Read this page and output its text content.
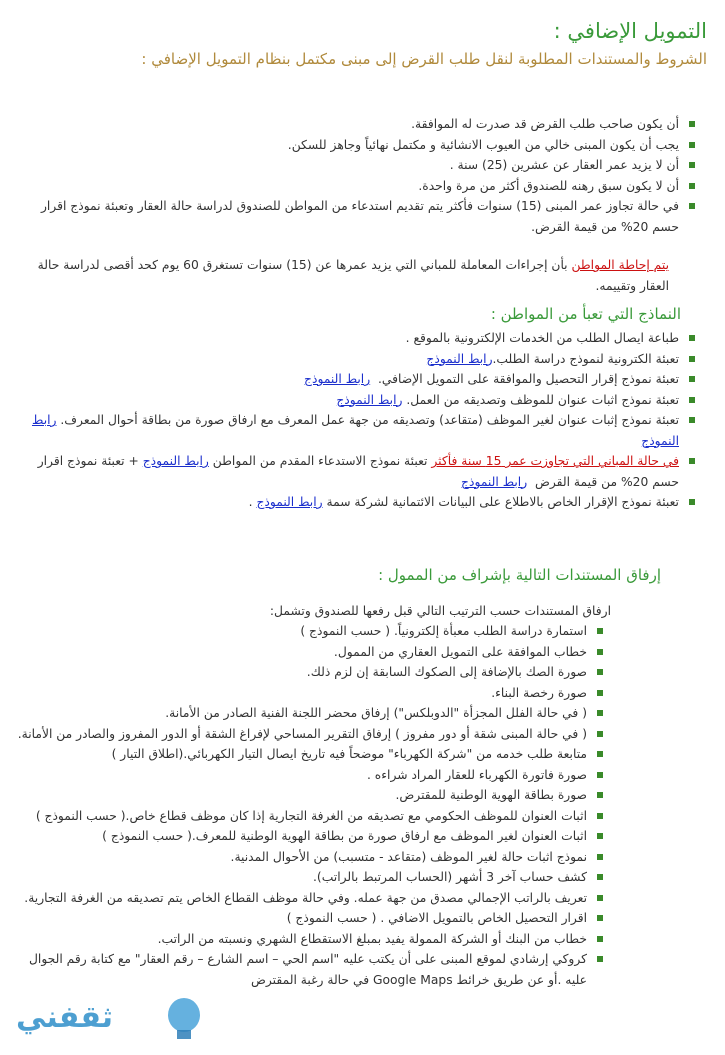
التمويل الإضافي :
الشروط والمستندات المطلوبة لنقل طلب القرض إلى مبنى مكتمل بنظام التمويل الإضافي :
أن يكون صاحب طلب القرض قد صدرت له الموافقة.
يجب أن يكون المبنى خالي من العيوب الانشائية و مكتمل نهائياً وجاهز للسكن.
أن لا يزيد عمر العقار عن عشرين (25) سنة .
أن لا يكون سبق رهنه للصندوق أكثر من مرة واحدة.
في حالة تجاوز عمر المبنى (15) سنوات فأكثر يتم تقديم استدعاء من المواطن للصندوق لدراسة حالة العقار وتعبئة نموذج اقرار حسم 20% من قيمة القرض.
يتم إحاطة المواطن بأن إجراءات المعاملة للمباني التي يزيد عمرها عن (15) سنوات تستغرق 60 يوم كحد أقصى لدراسة حالة العقار وتقييمه.
النماذج التي تعبأ من المواطن :
طباعة ايصال الطلب من الخدمات الإلكترونية بالموقع .
تعبئة الكترونية لنموذج دراسة الطلب.رابط النموذج
تعبئة نموذج إقرار التحصيل والموافقة على التمويل الإضافي.  رابط النموذج
تعبئة نموذج اثبات عنوان للموظف وتصديقه من العمل. رابط النموذج
تعبئة نموذج إثبات عنوان لغير الموظف (متقاعد) وتصديقه من جهة عمل المعرف مع ارفاق صورة من بطاقة أحوال المعرف. رابط النموذج
في حالة المباني التي تجاوزت عمر 15 سنة فأكثر تعبئة نموذج الاستدعاء المقدم من المواطن رابط النموذج + تعبئة نموذج اقرار حسم 20% من قيمة القرض  رابط النموذج
تعبئة نموذج الإقرار الخاص بالاطلاع على البيانات الائتمانية لشركة سمة رابط النموذج .
إرفاق المستندات التالية بإشراف من الممول :
ارفاق المستندات حسب الترتيب التالي قبل رفعها للصندوق وتشمل:
استمارة دراسة الطلب معبأة إلكترونياً. ( حسب النموذج )
خطاب الموافقة على التمويل العقاري من الممول.
صورة الصك بالإضافة إلى الصكوك السابقة إن لزم ذلك.
صورة رخصة البناء.
( في حالة الفلل المجزأة "الدوبلكس") إرفاق محضر اللجنة الفنية الصادر من الأمانة.
( في حالة المبنى شقة أو دور مفروز ) إرفاق التقرير المساحي لإفراغ الشقة أو الدور المفروز والصادر من الأمانة.
متابعة طلب خدمه من "شركة الكهرباء" موضحاً فيه تاريخ ايصال التيار الكهربائي.(اطلاق التيار )
صورة فاتورة الكهرباء للعقار المراد شراءه .
صورة بطاقة الهوية الوطنية للمقترض.
اثبات العنوان للموظف الحكومي مع تصديقه من الغرفة التجارية إذا كان موظف قطاع خاص.( حسب النموذج )
اثبات العنوان لغير الموظف مع ارفاق صورة من بطاقة الهوية الوطنية للمعرف.( حسب النموذج )
نموذج اثبات حالة لغير الموظف (متقاعد - متسبب) من الأحوال المدنية.
كشف حساب آخر 3 أشهر (الحساب المرتبط بالراتب).
تعريف بالراتب الإجمالي مصدق من جهة عمله. وفي حالة موظف القطاع الخاص يتم تصديقه من الغرفة التجارية.
اقرار التحصيل الخاص بالتمويل الاضافي . ( حسب النموذج )
خطاب من البنك أو الشركة الممولة يفيد بمبلغ الاستقطاع الشهري ونسبته من الراتب.
كروكي إرشادي لموقع المبنى على أن يكتب عليه "اسم الحي – اسم الشارع – رقم العقار" مع كتابة رقم الجوال عليه .أو عن طريق خرائط Google Maps في حالة رغبة المقترض
ثقفني
